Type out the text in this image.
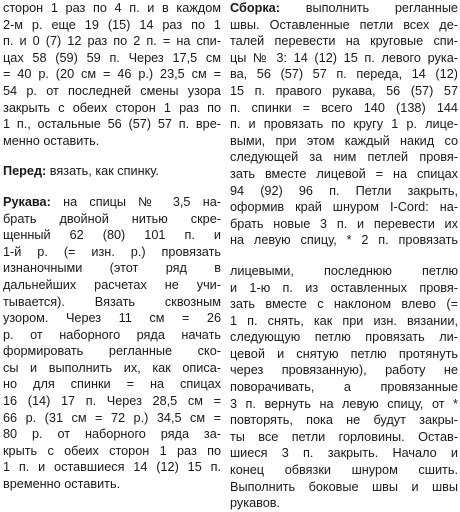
сторон 1 раз по 4 п. и в каждом
2-м р. еще 19 (15) 14 раз по 1
п. и 0 (7) 12 раз по 2 п. = на спи-
цах 58 (59) 59 п. Через 17,5 см
= 40 р. (20 см = 46 р.) 23,5 см =
54 р. от последней смены узора
закрыть с обеих сторон 1 раз по
1 п., остальные 56 (57) 57 п. вре-
менно оставить.
Перед: вязать, как спинку.
Рукава: на спицы № 3,5 на-
брать двойной нитью скре-
щенный 62 (80) 101 п. и
1-й р. (= изн. р.) провязать
изнаночными (этот ряд в
дальнейших расчетах не учи-
тывается). Вязать сквозным
узором. Через 11 см = 26
р. от наборного ряда начать
формировать регланные ско-
сы и выполнить их, как описа-
но для спинки = на спицах
16 (14) 17 п. Через 28,5 см =
66 р. (31 см = 72 р.) 34,5 см =
80 р. от наборного ряда за-
крыть с обеих сторон 1 раз по
1 п. и оставшиеся 14 (12) 15 п.
временно оставить.
Сборка: выполнить регланные
швы. Оставленные петли всех де-
талей перевести на круговые спи-
цы № 3: 14 (12) 15 п. левого рука-
ва, 56 (57) 57 п. переда, 14 (12)
15 п. правого рукава, 56 (57) 57
п. спинки = всего 140 (138) 144
п. и провязать по кругу 1 р. лице-
выми, при этом каждый накид со
следующей за ним петлей провя-
зать вместе лицевой = на спицах
94 (92) 96 п. Петли закрыть,
оформив край шнуром I-Cord: на-
брать новые 3 п. и перевести их
на левую спицу, * 2 п. провязать
лицевыми, последнюю петлю
и 1-ю п. из оставленных провя-
зать вместе с наклоном влево (=
1 п. снять, как при изн. вязании,
следующую петлю провязать ли-
цевой и снятую петлю протянуть
через провязанную), работу не
поворачивать, а провязанные
3 п. вернуть на левую спицу, от *
повторять, пока не будут закры-
ты все петли горловины. Остав-
шиеся 3 п. закрыть. Начало и
конец обвязки шнуром сшить.
Выполнить боковые швы и швы
рукавов.
